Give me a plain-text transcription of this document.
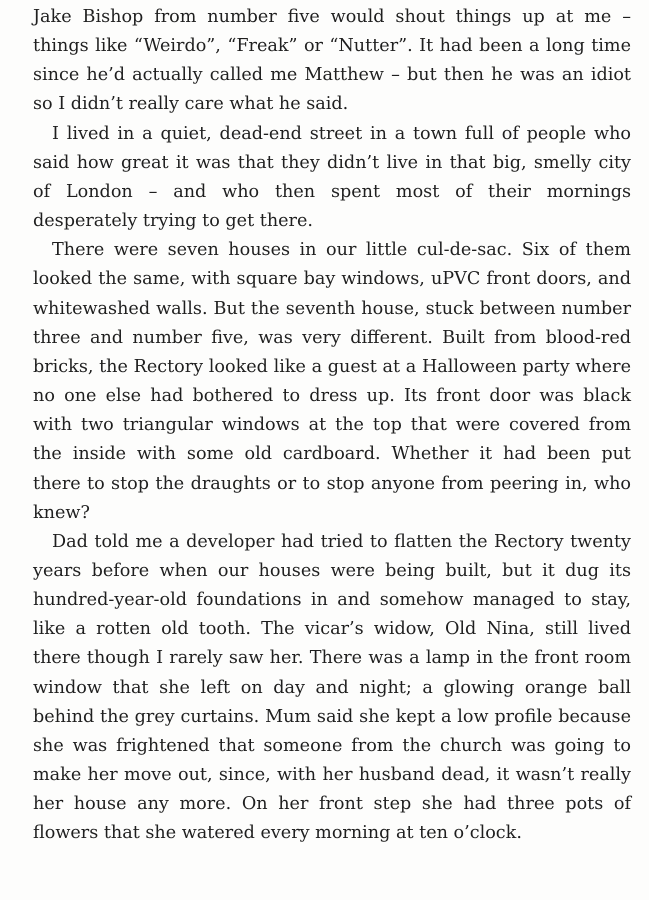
Jake Bishop from number five would shout things up at me – things like “Weirdo”, “Freak” or “Nutter”. It had been a long time since he’d actually called me Matthew – but then he was an idiot so I didn’t really care what he said.

I lived in a quiet, dead-end street in a town full of people who said how great it was that they didn’t live in that big, smelly city of London – and who then spent most of their mornings desperately trying to get there.

There were seven houses in our little cul-de-sac. Six of them looked the same, with square bay windows, uPVC front doors, and whitewashed walls. But the seventh house, stuck between number three and number five, was very different. Built from blood-red bricks, the Rectory looked like a guest at a Halloween party where no one else had bothered to dress up. Its front door was black with two triangular windows at the top that were covered from the inside with some old cardboard. Whether it had been put there to stop the draughts or to stop anyone from peering in, who knew?

Dad told me a developer had tried to flatten the Rectory twenty years before when our houses were being built, but it dug its hundred-year-old foundations in and somehow managed to stay, like a rotten old tooth. The vicar’s widow, Old Nina, still lived there though I rarely saw her. There was a lamp in the front room window that she left on day and night; a glowing orange ball behind the grey curtains. Mum said she kept a low profile because she was frightened that someone from the church was going to make her move out, since, with her husband dead, it wasn’t really her house any more. On her front step she had three pots of flowers that she watered every morning at ten o’clock.
